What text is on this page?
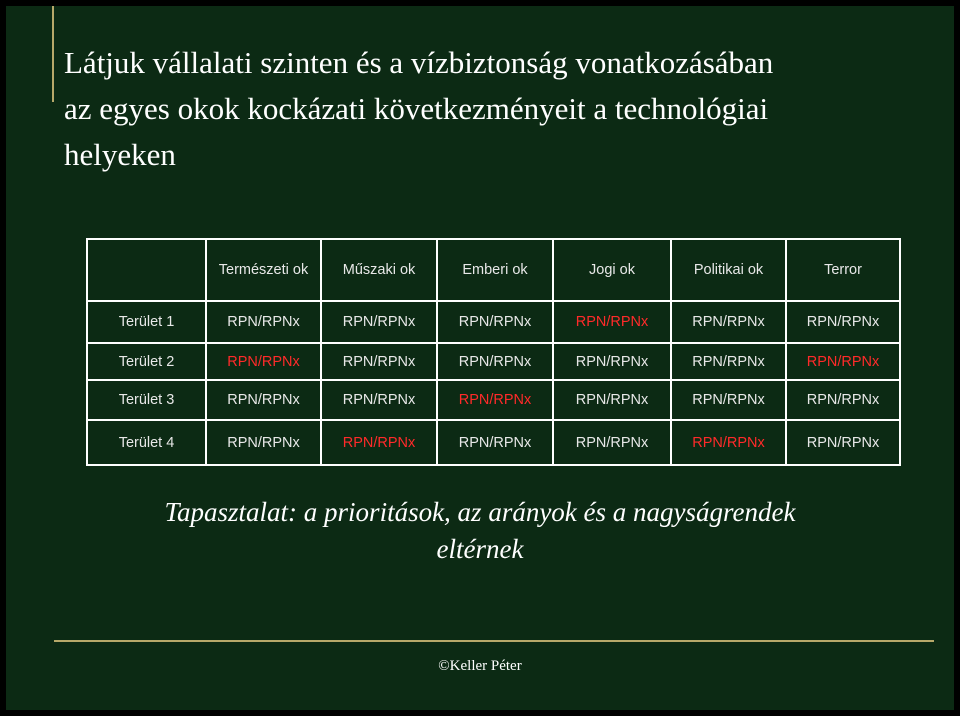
Látjuk vállalati szinten és a vízbiztonság vonatkozásában
az egyes okok kockázati következményeit a technológiai
helyeken
	Természeti ok	Műszaki ok	Emberi ok	Jogi ok	Politikai ok	Terror
Terület 1	RPN/RPNx	RPN/RPNx	RPN/RPNx	RPN/RPNx	RPN/RPNx	RPN/RPNx
Terület 2	RPN/RPNx	RPN/RPNx	RPN/RPNx	RPN/RPNx	RPN/RPNx	RPN/RPNx
Terület 3	RPN/RPNx	RPN/RPNx	RPN/RPNx	RPN/RPNx	RPN/RPNx	RPN/RPNx
Terület 4	RPN/RPNx	RPN/RPNx	RPN/RPNx	RPN/RPNx	RPN/RPNx	RPN/RPNx
Tapasztalat: a prioritások, az arányok és a nagyságrendek
eltérnek
©Keller Péter
